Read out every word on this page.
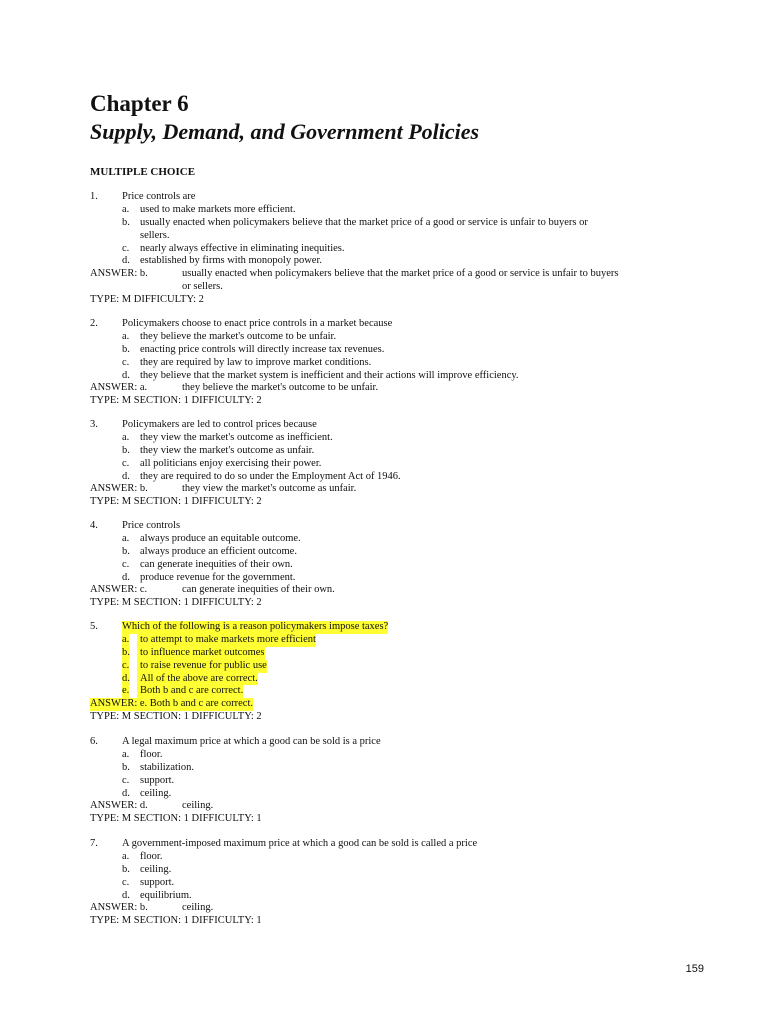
Chapter 6
Supply, Demand, and Government Policies
MULTIPLE CHOICE
1. Price controls are
a. used to make markets more efficient.
b. usually enacted when policymakers believe that the market price of a good or service is unfair to buyers or
sellers.
c. nearly always effective in eliminating inequities.
d. established by firms with monopoly power.
ANSWER: b.	usually enacted when policymakers believe that the market price of a good or service is unfair to buyers
or sellers.
TYPE: M DIFFICULTY: 2
2. Policymakers choose to enact price controls in a market because
a. they believe the market's outcome to be unfair.
b. enacting price controls will directly increase tax revenues.
c. they are required by law to improve market conditions.
d. they believe that the market system is inefficient and their actions will improve efficiency.
ANSWER: a.	they believe the market's outcome to be unfair.
TYPE: M SECTION: 1 DIFFICULTY: 2
3. Policymakers are led to control prices because
a. they view the market's outcome as inefficient.
b. they view the market's outcome as unfair.
c. all politicians enjoy exercising their power.
d. they are required to do so under the Employment Act of 1946.
ANSWER: b.	they view the market's outcome as unfair.
TYPE: M SECTION: 1 DIFFICULTY: 2
4. Price controls
a. always produce an equitable outcome.
b. always produce an efficient outcome.
c. can generate inequities of their own.
d. produce revenue for the government.
ANSWER: c.	can generate inequities of their own.
TYPE: M SECTION: 1 DIFFICULTY: 2
5. Which of the following is a reason policymakers impose taxes?
a. to attempt to make markets more efficient
b. to influence market outcomes
c. to raise revenue for public use
d. All of the above are correct.
e. Both b and c are correct.
ANSWER: e. Both b and c are correct.
TYPE: M SECTION: 1 DIFFICULTY: 2
6. A legal maximum price at which a good can be sold is a price
a. floor.
b. stabilization.
c. support.
d. ceiling.
ANSWER: d.	ceiling.
TYPE: M SECTION: 1 DIFFICULTY: 1
7. A government-imposed maximum price at which a good can be sold is called a price
a. floor.
b. ceiling.
c. support.
d. equilibrium.
ANSWER: b.	ceiling.
TYPE: M SECTION: 1 DIFFICULTY: 1
159
